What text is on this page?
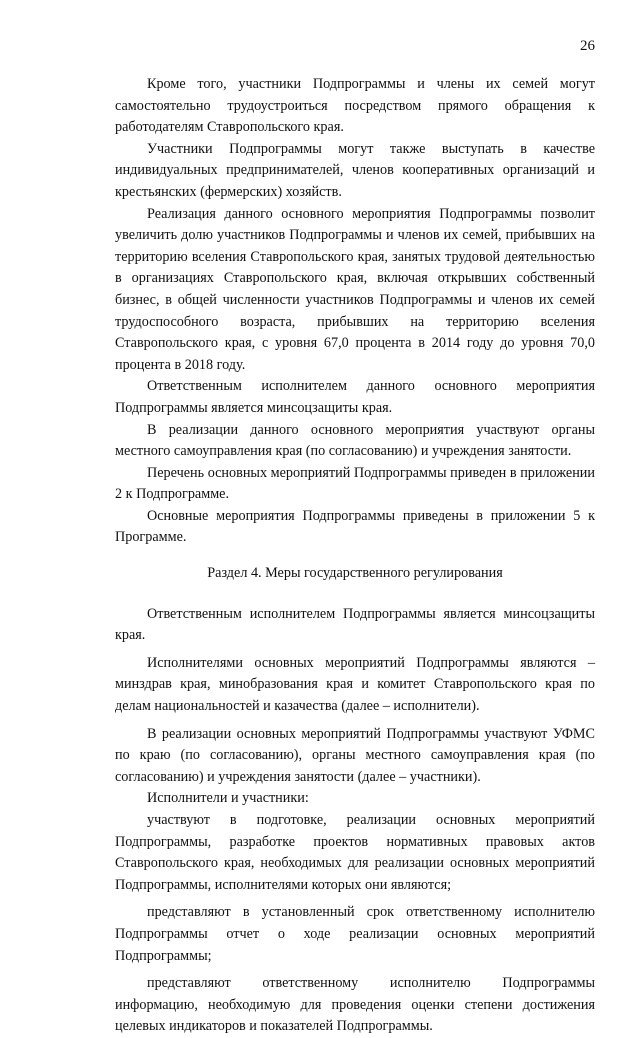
26

Кроме того, участники Подпрограммы и члены их семей могут самостоятельно трудоустроиться посредством прямого обращения к работодателям Ставропольского края.

Участники Подпрограммы могут также выступать в качестве индивидуальных предпринимателей, членов кооперативных организаций и крестьянских (фермерских) хозяйств.

Реализация данного основного мероприятия Подпрограммы позволит увеличить долю участников Подпрограммы и членов их семей, прибывших на территорию вселения Ставропольского края, занятых трудовой деятельностью в организациях Ставропольского края, включая открывших собственный бизнес, в общей численности участников Подпрограммы и членов их семей трудоспособного возраста, прибывших на территорию вселения Ставропольского края, с уровня 67,0 процента в 2014 году до уровня 70,0 процента в 2018 году.

Ответственным исполнителем данного основного мероприятия Подпрограммы является минсоцзащиты края.

В реализации данного основного мероприятия участвуют органы местного самоуправления края (по согласованию) и учреждения занятости.

Перечень основных мероприятий Подпрограммы приведен в приложении 2 к Подпрограмме.

Основные мероприятия Подпрограммы приведены в приложении 5 к Программе.

Раздел 4. Меры государственного регулирования

Ответственным исполнителем Подпрограммы является минсоцзащиты края.

Исполнителями основных мероприятий Подпрограммы являются – минздрав края, минобразования края и комитет Ставропольского края по делам национальностей и казачества (далее – исполнители).

В реализации основных мероприятий Подпрограммы участвуют УФМС по краю (по согласованию), органы местного самоуправления края (по согласованию) и учреждения занятости (далее – участники).

Исполнители и участники:

участвуют в подготовке, реализации основных мероприятий Подпрограммы, разработке проектов нормативных правовых актов Ставропольского края, необходимых для реализации основных мероприятий Подпрограммы, исполнителями которых они являются;

представляют в установленный срок ответственному исполнителю Подпрограммы отчет о ходе реализации основных мероприятий Подпрограммы;

представляют ответственному исполнителю Подпрограммы информацию, необходимую для проведения оценки степени достижения целевых индикаторов и показателей Подпрограммы.
